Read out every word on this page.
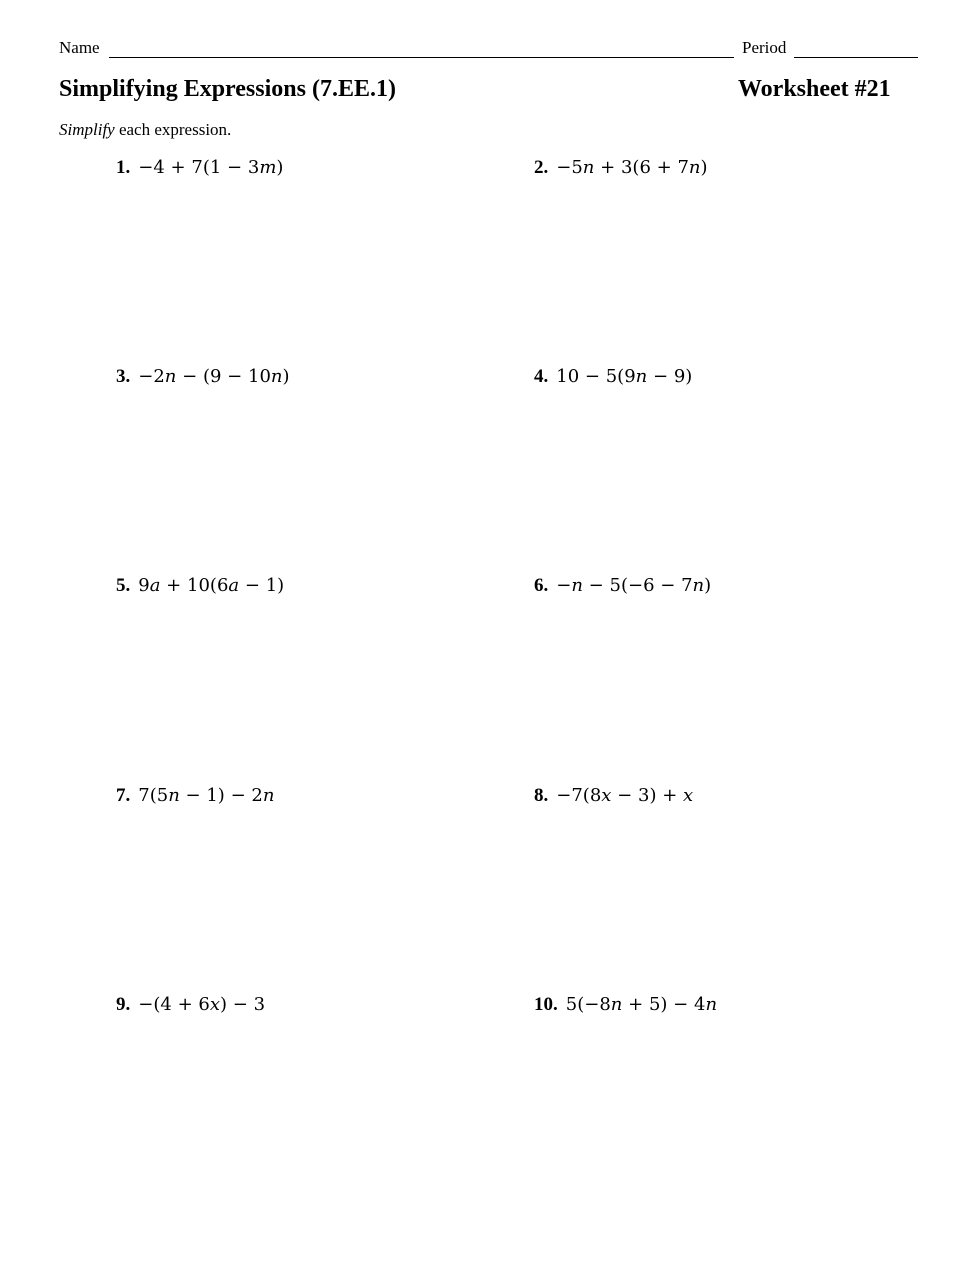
Name	Period
Simplifying Expressions (7.EE.1)	Worksheet #21
Simplify each expression.
1. −4 + 7(1 − 3m)	2. −5n + 3(6 + 7n)
3. −2n − (9 − 10n)	4. 10 − 5(9n − 9)
5. 9a + 10(6a − 1)	6. −n − 5(−6 − 7n)
7. 7(5n − 1) − 2n	8. −7(8x − 3) + x
9. −(4 + 6x) − 3	10. 5(−8n + 5) − 4n
